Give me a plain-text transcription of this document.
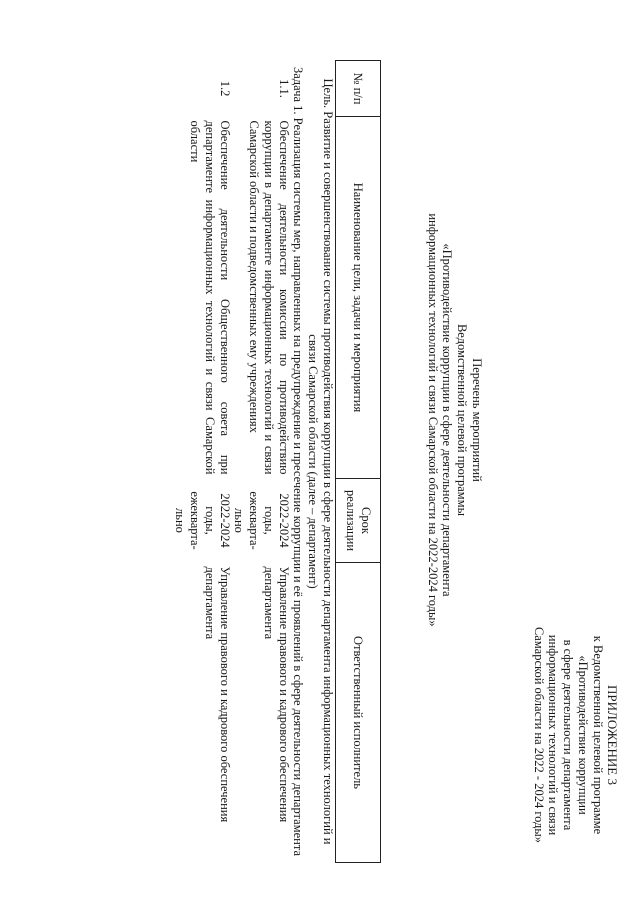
ПРИЛОЖЕНИЕ 3
к Ведомственной целевой программе
«Противодействие коррупции
в сфере деятельности департамента
информационных технологий и связи
Самарской области на 2022 - 2024 годы»
Перечень мероприятий
Ведомственной целевой программы
«Противодействие коррупции в сфере деятельности департамента
информационных технологий и связи Самарской области на 2022-2024 годы»
№ п/п	Наименование цели, задачи и мероприятия	Срок реализации	Ответственный исполнитель
Цель. Развитие и совершенствование системы противодействия коррупции в сфере деятельности департамента информационных технологий и связи Самарской области (далее – департамент)			
Задача 1. Реализация системы мер, направленных на предупреждение и пресечение коррупции и её проявлений в сфере деятельности департамента			
1.1.	Обеспечение деятельности комиссии по противодействию коррупции в департаменте информационных технологий и связи Самарской области и подведомственных ему учреждениях	2022-2024 годы, ежекварта-льно	Управление правового и кадрового обеспечения департамента
1.2	Обеспечение деятельности Общественного совета при департаменте информационных технологий и связи Самарской области	2022-2024 годы, ежекварта-льно	Управление правового и кадрового обеспечения департамента
